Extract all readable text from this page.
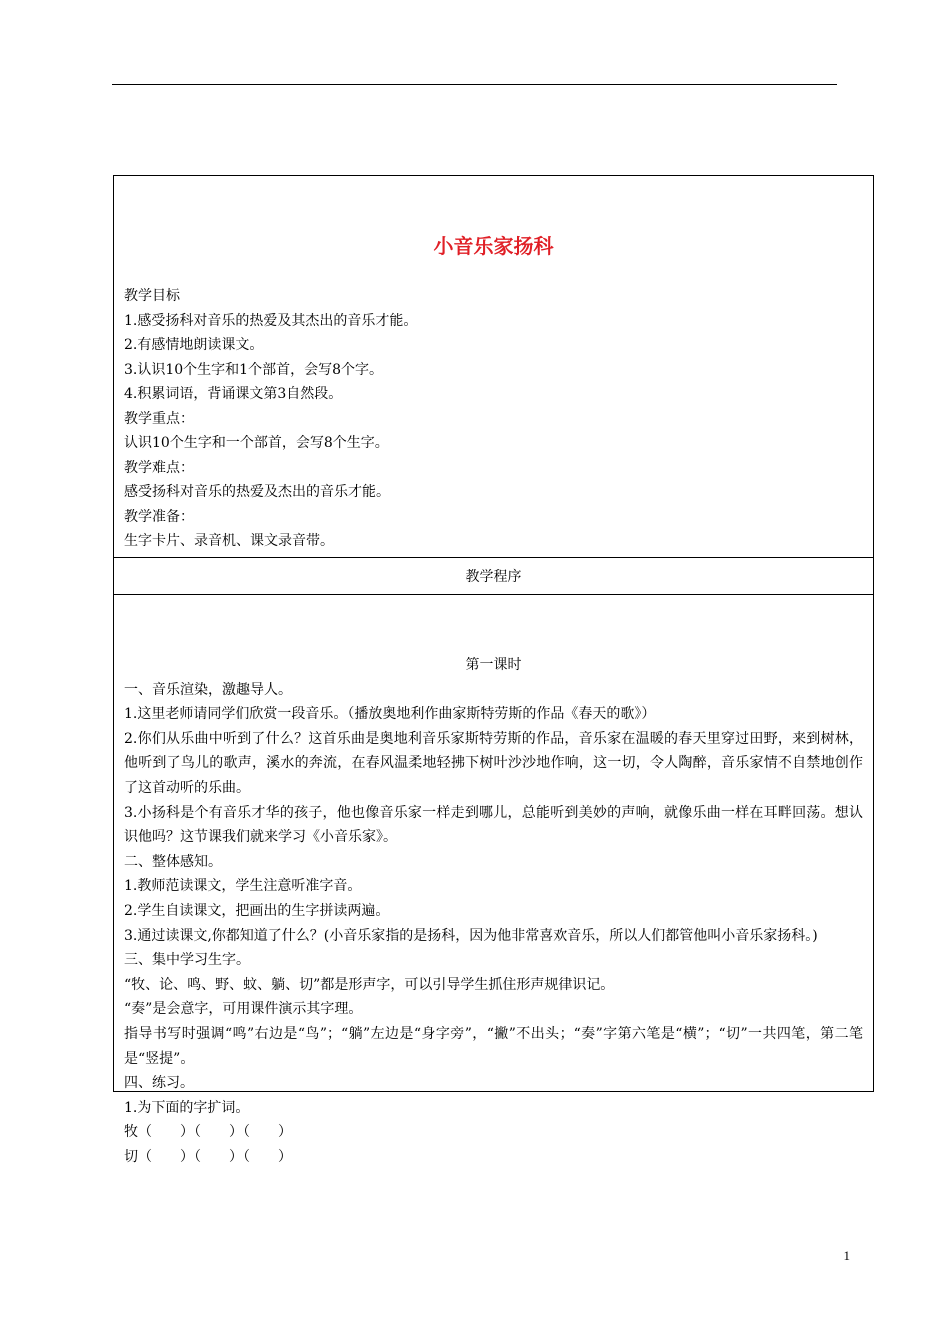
小音乐家扬科
教学目标
1.感受扬科对音乐的热爱及其杰出的音乐才能。
2.有感情地朗读课文。
3.认识10个生字和1个部首，会写8个字。
4.积累词语，背诵课文第3自然段。
教学重点：
认识10个生字和一个部首，会写8个生字。
教学难点：
感受扬科对音乐的热爱及杰出的音乐才能。
教学准备：
生字卡片、录音机、课文录音带。
教学程序

第一课时

一、音乐渲染，激趣导人。

1.这里老师请同学们欣赏一段音乐。（播放奥地利作曲家斯特劳斯的作品《春天的歌》）

2.你们从乐曲中听到了什么？这首乐曲是奥地利音乐家斯特劳斯的作品，音乐家在温暖的春天里穿过田野，来到树林，他听到了鸟儿的歌声，溪水的奔流，在春风温柔地轻拂下树叶沙沙地作响，这一切，令人陶醉，音乐家情不自禁地创作了这首动听的乐曲。

3.小扬科是个有音乐才华的孩子，他也像音乐家一样走到哪儿，总能听到美妙的声响，就像乐曲一样在耳畔回荡。想认识他吗？这节课我们就来学习《小音乐家》。

二、整体感知。

1.教师范读课文，学生注意听准字音。

2.学生自读课文，把画出的生字拼读两遍。

3.通过读课文,你都知道了什么？(小音乐家指的是扬科，因为他非常喜欢音乐，所以人们都管他叫小音乐家扬科。)

三、集中学习生字。

“牧、论、鸣、野、蚊、躺、切”都是形声字，可以引导学生抓住形声规律识记。

“奏”是会意字，可用课件演示其字理。

指导书写时强调“鸣”右边是“鸟”；“躺”左边是“身字旁”，“撇”不出头；“奏”字第六笔是“横”；“切”一共四笔，第二笔是“竖提”。

四、练习。

1.为下面的字扩词。

牧（　　）（　　）（　　）

切（　　）（　　）（　　）

1
